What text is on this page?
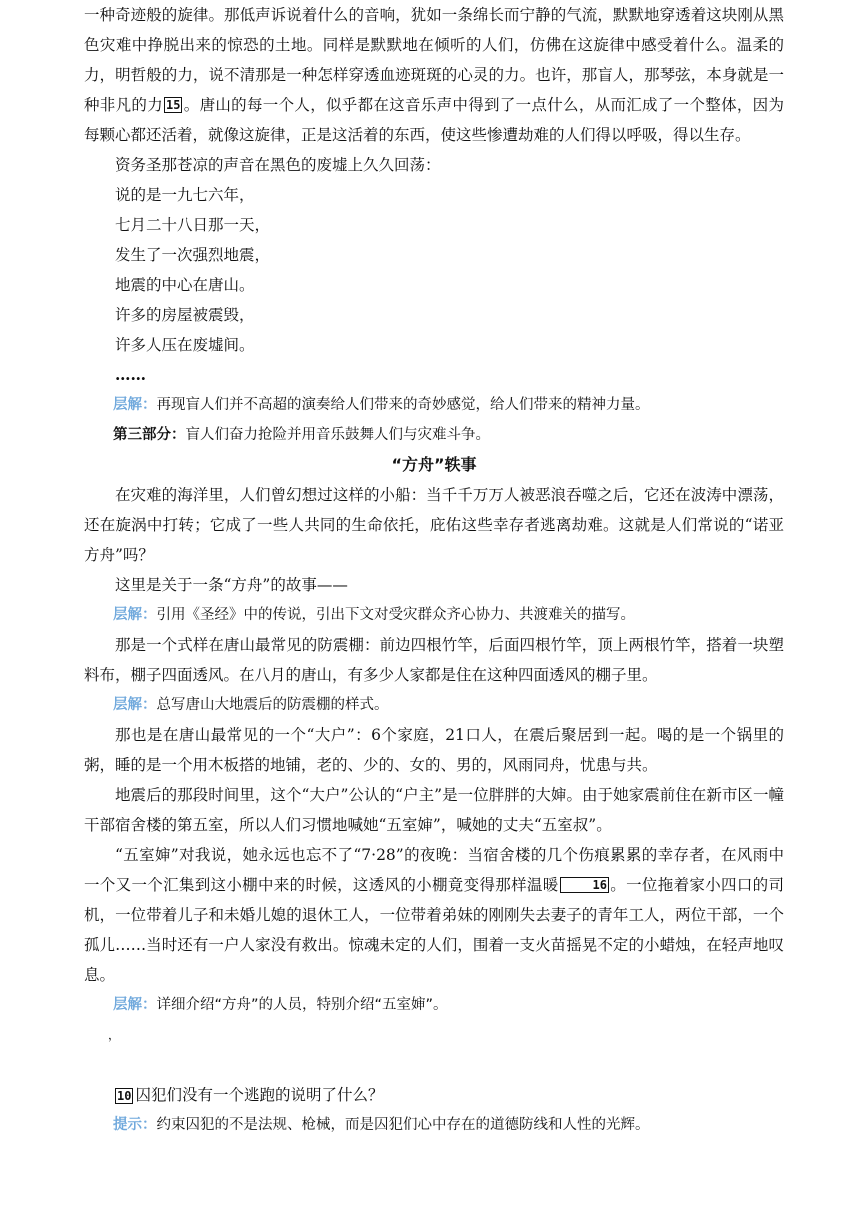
一种奇迹般的旋律。那低声诉说着什么的音响，犹如一条绵长而宁静的气流，默默地穿透着这块刚从黑色灾难中挣脱出来的惊恐的土地。同样是默默地在倾听的人们，仿佛在这旋律中感受着什么。温柔的力，明哲般的力，说不清那是一种怎样穿透血迹斑斑的心灵的力。也许，那盲人，那琴弦，本身就是一种非凡的力 15 。唐山的每一个人，似乎都在这音乐声中得到了一点什么，从而汇成了一个整体，因为每颗心都还活着，就像这旋律，正是这活着的东西，使这些惨遭劫难的人们得以呼吸，得以生存。

资务圣那苍凉的声音在黑色的废墟上久久回荡：

说的是一九七六年，

七月二十八日那一天，

发生了一次强烈地震，

地震的中心在唐山。

许多的房屋被震毁，

许多人压在废墟间。

……

层解：再现盲人们并不高超的演奏给人们带来的奇妙感觉，给人们带来的精神力量。

第三部分：盲人们奋力抢险并用音乐鼓舞人们与灾难斗争。

“方舟”轶事

在灾难的海洋里，人们曾幻想过这样的小船：当千千万万人被恶浪吞噬之后，它还在波涛中漂荡，还在旋涡中打转；它成了一些人共同的生命依托，庇佑这些幸存者逃离劫难。这就是人们常说的“诺亚方舟”吗？

这里是关于一条“方舟”的故事——

层解：引用《圣经》中的传说，引出下文对受灾群众齐心协力、共渡难关的描写。

那是一个式样在唐山最常见的防震棚：前边四根竹竿，后面四根竹竿，顶上两根竹竿，搭着一块塑料布，棚子四面透风。在八月的唐山，有多少人家都是住在这种四面透风的棚子里。

层解：总写唐山大地震后的防震棚的样式。

那也是在唐山最常见的一个“大户”：6个家庭，21口人，在震后聚居到一起。喝的是一个锅里的粥，睡的是一个用木板搭的地铺，老的、少的、女的、男的，风雨同舟，忧患与共。

地震后的那段时间里，这个“大户”公认的“户主”是一位胖胖的大婶。由于她家震前住在新市区一幢干部宿舍楼的第五室，所以人们习惯地喊她“五室婶”，喊她的丈夫“五室叔”。

“五室婶”对我说，她永远也忘不了“7·28”的夜晚：当宿舍楼的几个伤痕累累的幸存者，在风雨中一个又一个汇集到这小棚中来的时候，这透风的小棚竟变得那样温暖	16 。一位拖着家小四口的司机，一位带着儿子和未婚儿媳的退休工人，一位带着弟妹的刚刚失去妻子的青年工人，两位干部，一个孤儿……当时还有一户人家没有救出。惊魂未定的人们，围着一支火苗摇晃不定的小蜡烛，在轻声地叹息。

层解：详细介绍“方舟”的人员，特别介绍“五室婶”。

，

10 囚犯们没有一个逃跑的说明了什么？

提示：约束囚犯的不是法规、枪械，而是囚犯们心中存在的道德防线和人性的光辉。
